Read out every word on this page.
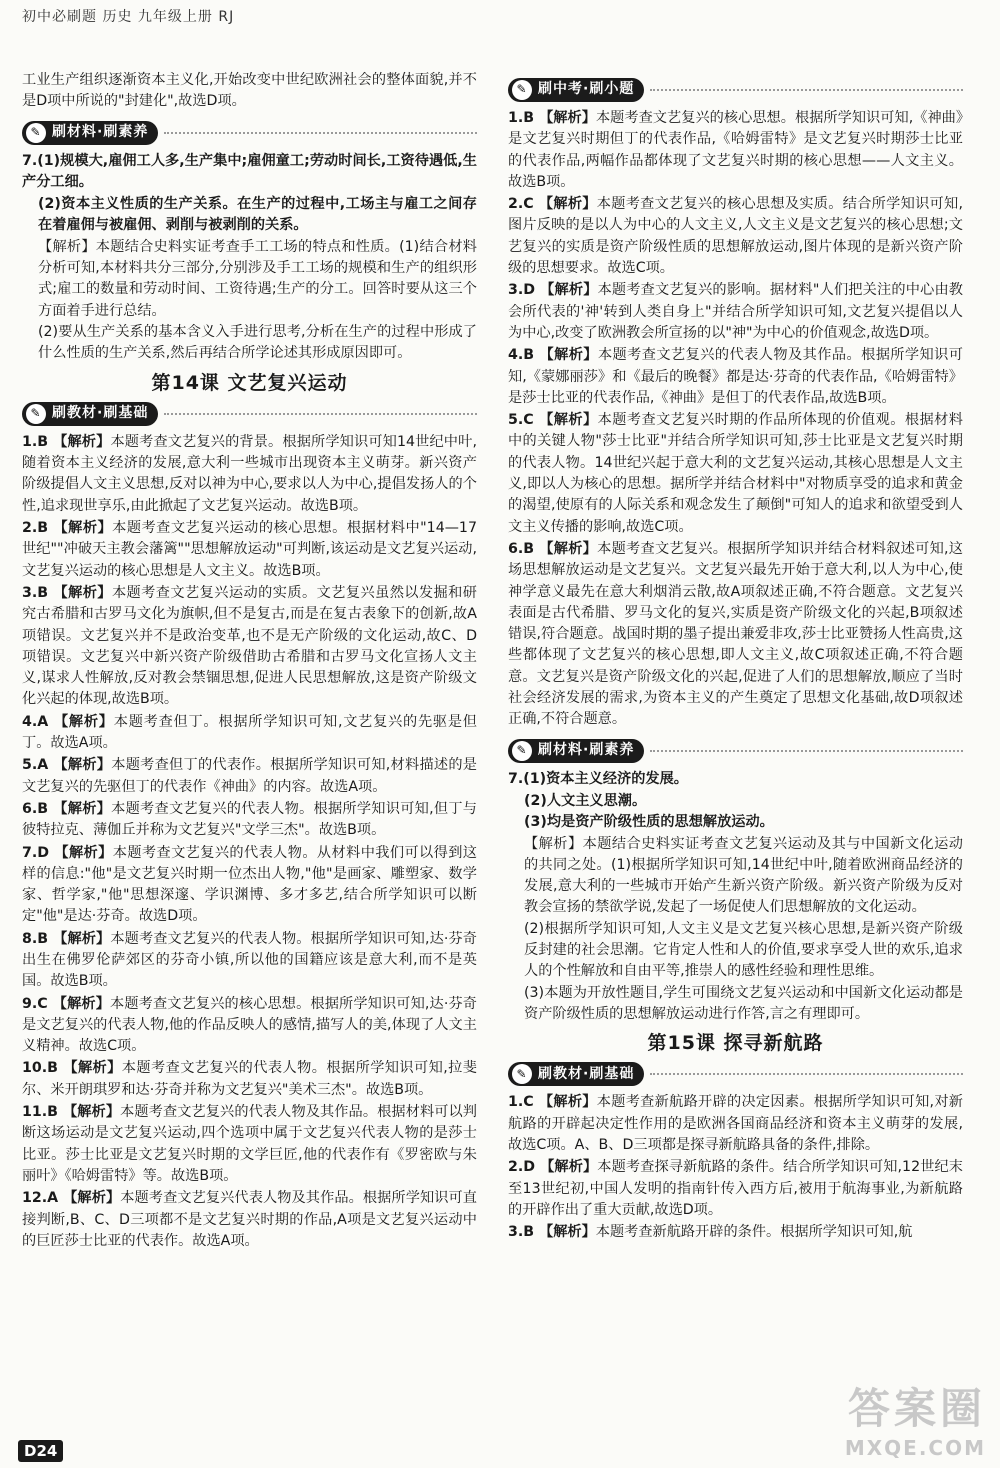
初中必刷题 历史 九年级上册 RJ

工业生产组织逐渐资本主义化,开始改变中世纪欧洲社会的整体面貌,并不是D项中所说的"封建化",故选D项。

✎ 刷材料·刷素养
7.(1)规模大,雇佣工人多,生产集中;雇佣童工;劳动时间长,工资待遇低,生产分工细。

(2)资本主义性质的生产关系。在生产的过程中,工场主与雇工之间存在着雇佣与被雇佣、剥削与被剥削的关系。

【解析】本题结合史料实证考查手工工场的特点和性质。(1)结合材料分析可知,本材料共分三部分,分别涉及手工工场的规模和生产的组织形式;雇工的数量和劳动时间、工资待遇;生产的分工。回答时要从这三个方面着手进行总结。

(2)要从生产关系的基本含义入手进行思考,分析在生产的过程中形成了什么性质的生产关系,然后再结合所学论述其形成原因即可。

第14课 文艺复兴运动
✎ 刷教材·刷基础
1.B 【解析】本题考查文艺复兴的背景。根据所学知识可知14世纪中叶,随着资本主义经济的发展,意大利一些城市出现资本主义萌芽。新兴资产阶级提倡人文主义思想,反对以神为中心,要求以人为中心,提倡发扬人的个性,追求现世享乐,由此掀起了文艺复兴运动。故选B项。
2.B 【解析】本题考查文艺复兴运动的核心思想。根据材料中"14—17世纪""冲破天主教会藩篱""思想解放运动"可判断,该运动是文艺复兴运动,文艺复兴运动的核心思想是人文主义。故选B项。
3.B 【解析】本题考查文艺复兴运动的实质。文艺复兴虽然以发掘和研究古希腊和古罗马文化为旗帜,但不是复古,而是在复古表象下的创新,故A项错误。文艺复兴并不是政治变革,也不是无产阶级的文化运动,故C、D项错误。文艺复兴中新兴资产阶级借助古希腊和古罗马文化宣扬人文主义,谋求人性解放,反对教会禁锢思想,促进人民思想解放,这是资产阶级文化兴起的体现,故选B项。
4.A 【解析】本题考查但丁。根据所学知识可知,文艺复兴的先驱是但丁。故选A项。
5.A 【解析】本题考查但丁的代表作。根据所学知识可知,材料描述的是文艺复兴的先驱但丁的代表作《神曲》的内容。故选A项。
6.B 【解析】本题考查文艺复兴的代表人物。根据所学知识可知,但丁与彼特拉克、薄伽丘并称为文艺复兴"文学三杰"。故选B项。
7.D 【解析】本题考查文艺复兴的代表人物。从材料中我们可以得到这样的信息:"他"是文艺复兴时期一位杰出人物,"他"是画家、雕塑家、数学家、哲学家,"他"思想深邃、学识渊博、多才多艺,结合所学知识可以断定"他"是达·芬奇。故选D项。
8.B 【解析】本题考查文艺复兴的代表人物。根据所学知识可知,达·芬奇出生在佛罗伦萨郊区的芬奇小镇,所以他的国籍应该是意大利,而不是英国。故选B项。
9.C 【解析】本题考查文艺复兴的核心思想。根据所学知识可知,达·芬奇是文艺复兴的代表人物,他的作品反映人的感情,描写人的美,体现了人文主义精神。故选C项。
10.B 【解析】本题考查文艺复兴的代表人物。根据所学知识可知,拉斐尔、米开朗琪罗和达·芬奇并称为文艺复兴"美术三杰"。故选B项。
11.B 【解析】本题考查文艺复兴的代表人物及其作品。根据材料可以判断这场运动是文艺复兴运动,四个选项中属于文艺复兴代表人物的是莎士比亚。莎士比亚是文艺复兴时期的文学巨匠,他的代表作有《罗密欧与朱丽叶》《哈姆雷特》等。故选B项。
12.A 【解析】本题考查文艺复兴代表人物及其作品。根据所学知识可直接判断,B、C、D三项都不是文艺复兴时期的作品,A项是文艺复兴运动中的巨匠莎士比亚的代表作。故选A项。
✎ 刷中考·刷小题
1.B 【解析】本题考查文艺复兴的核心思想。根据所学知识可知,《神曲》是文艺复兴时期但丁的代表作品,《哈姆雷特》是文艺复兴时期莎士比亚的代表作品,两幅作品都体现了文艺复兴时期的核心思想——人文主义。故选B项。
2.C 【解析】本题考查文艺复兴的核心思想及实质。结合所学知识可知,图片反映的是以人为中心的人文主义,人文主义是文艺复兴的核心思想;文艺复兴的实质是资产阶级性质的思想解放运动,图片体现的是新兴资产阶级的思想要求。故选C项。
3.D 【解析】本题考查文艺复兴的影响。据材料"人们把关注的中心由教会所代表的'神'转到人类自身上"并结合所学知识可知,文艺复兴提倡以人为中心,改变了欧洲教会所宣扬的以"神"为中心的价值观念,故选D项。
4.B 【解析】本题考查文艺复兴的代表人物及其作品。根据所学知识可知,《蒙娜丽莎》和《最后的晚餐》都是达·芬奇的代表作品,《哈姆雷特》是莎士比亚的代表作品,《神曲》是但丁的代表作品,故选B项。
5.C 【解析】本题考查文艺复兴时期的作品所体现的价值观。根据材料中的关键人物"莎士比亚"并结合所学知识可知,莎士比亚是文艺复兴时期的代表人物。14世纪兴起于意大利的文艺复兴运动,其核心思想是人文主义,即以人为核心的思想。据所学并结合材料中"对物质享受的追求和黄金的渴望,使原有的人际关系和观念发生了颠倒"可知人的追求和欲望受到人文主义传播的影响,故选C项。
6.B 【解析】本题考查文艺复兴。根据所学知识并结合材料叙述可知,这场思想解放运动是文艺复兴。文艺复兴最先开始于意大利,以人为中心,使神学意义最先在意大利烟消云散,故A项叙述正确,不符合题意。文艺复兴表面是古代希腊、罗马文化的复兴,实质是资产阶级文化的兴起,B项叙述错误,符合题意。战国时期的墨子提出兼爱非攻,莎士比亚赞扬人性高贵,这些都体现了文艺复兴的核心思想,即人文主义,故C项叙述正确,不符合题意。文艺复兴是资产阶级文化的兴起,促进了人们的思想解放,顺应了当时社会经济发展的需求,为资本主义的产生奠定了思想文化基础,故D项叙述正确,不符合题意。
✎ 刷材料·刷素养
7.(1)资本主义经济的发展。

(2)人文主义思潮。

(3)均是资产阶级性质的思想解放运动。

【解析】本题结合史料实证考查文艺复兴运动及其与中国新文化运动的共同之处。(1)根据所学知识可知,14世纪中叶,随着欧洲商品经济的发展,意大利的一些城市开始产生新兴资产阶级。新兴资产阶级为反对教会宣扬的禁欲学说,发起了一场促使人们思想解放的文化运动。

(2)根据所学知识可知,人文主义是文艺复兴核心思想,是新兴资产阶级反封建的社会思潮。它肯定人性和人的价值,要求享受人世的欢乐,追求人的个性解放和自由平等,推崇人的感性经验和理性思维。

(3)本题为开放性题目,学生可围绕文艺复兴运动和中国新文化运动都是资产阶级性质的思想解放运动进行作答,言之有理即可。

第15课 探寻新航路
✎ 刷教材·刷基础
1.C 【解析】本题考查新航路开辟的决定因素。根据所学知识可知,对新航路的开辟起决定性作用的是欧洲各国商品经济和资本主义萌芽的发展,故选C项。A、B、D三项都是探寻新航路具备的条件,排除。
2.D 【解析】本题考查探寻新航路的条件。结合所学知识可知,12世纪末至13世纪初,中国人发明的指南针传入西方后,被用于航海事业,为新航路的开辟作出了重大贡献,故选D项。
3.B 【解析】本题考查新航路开辟的条件。根据所学知识可知,航
D24
答案圈
MXQE.COM
